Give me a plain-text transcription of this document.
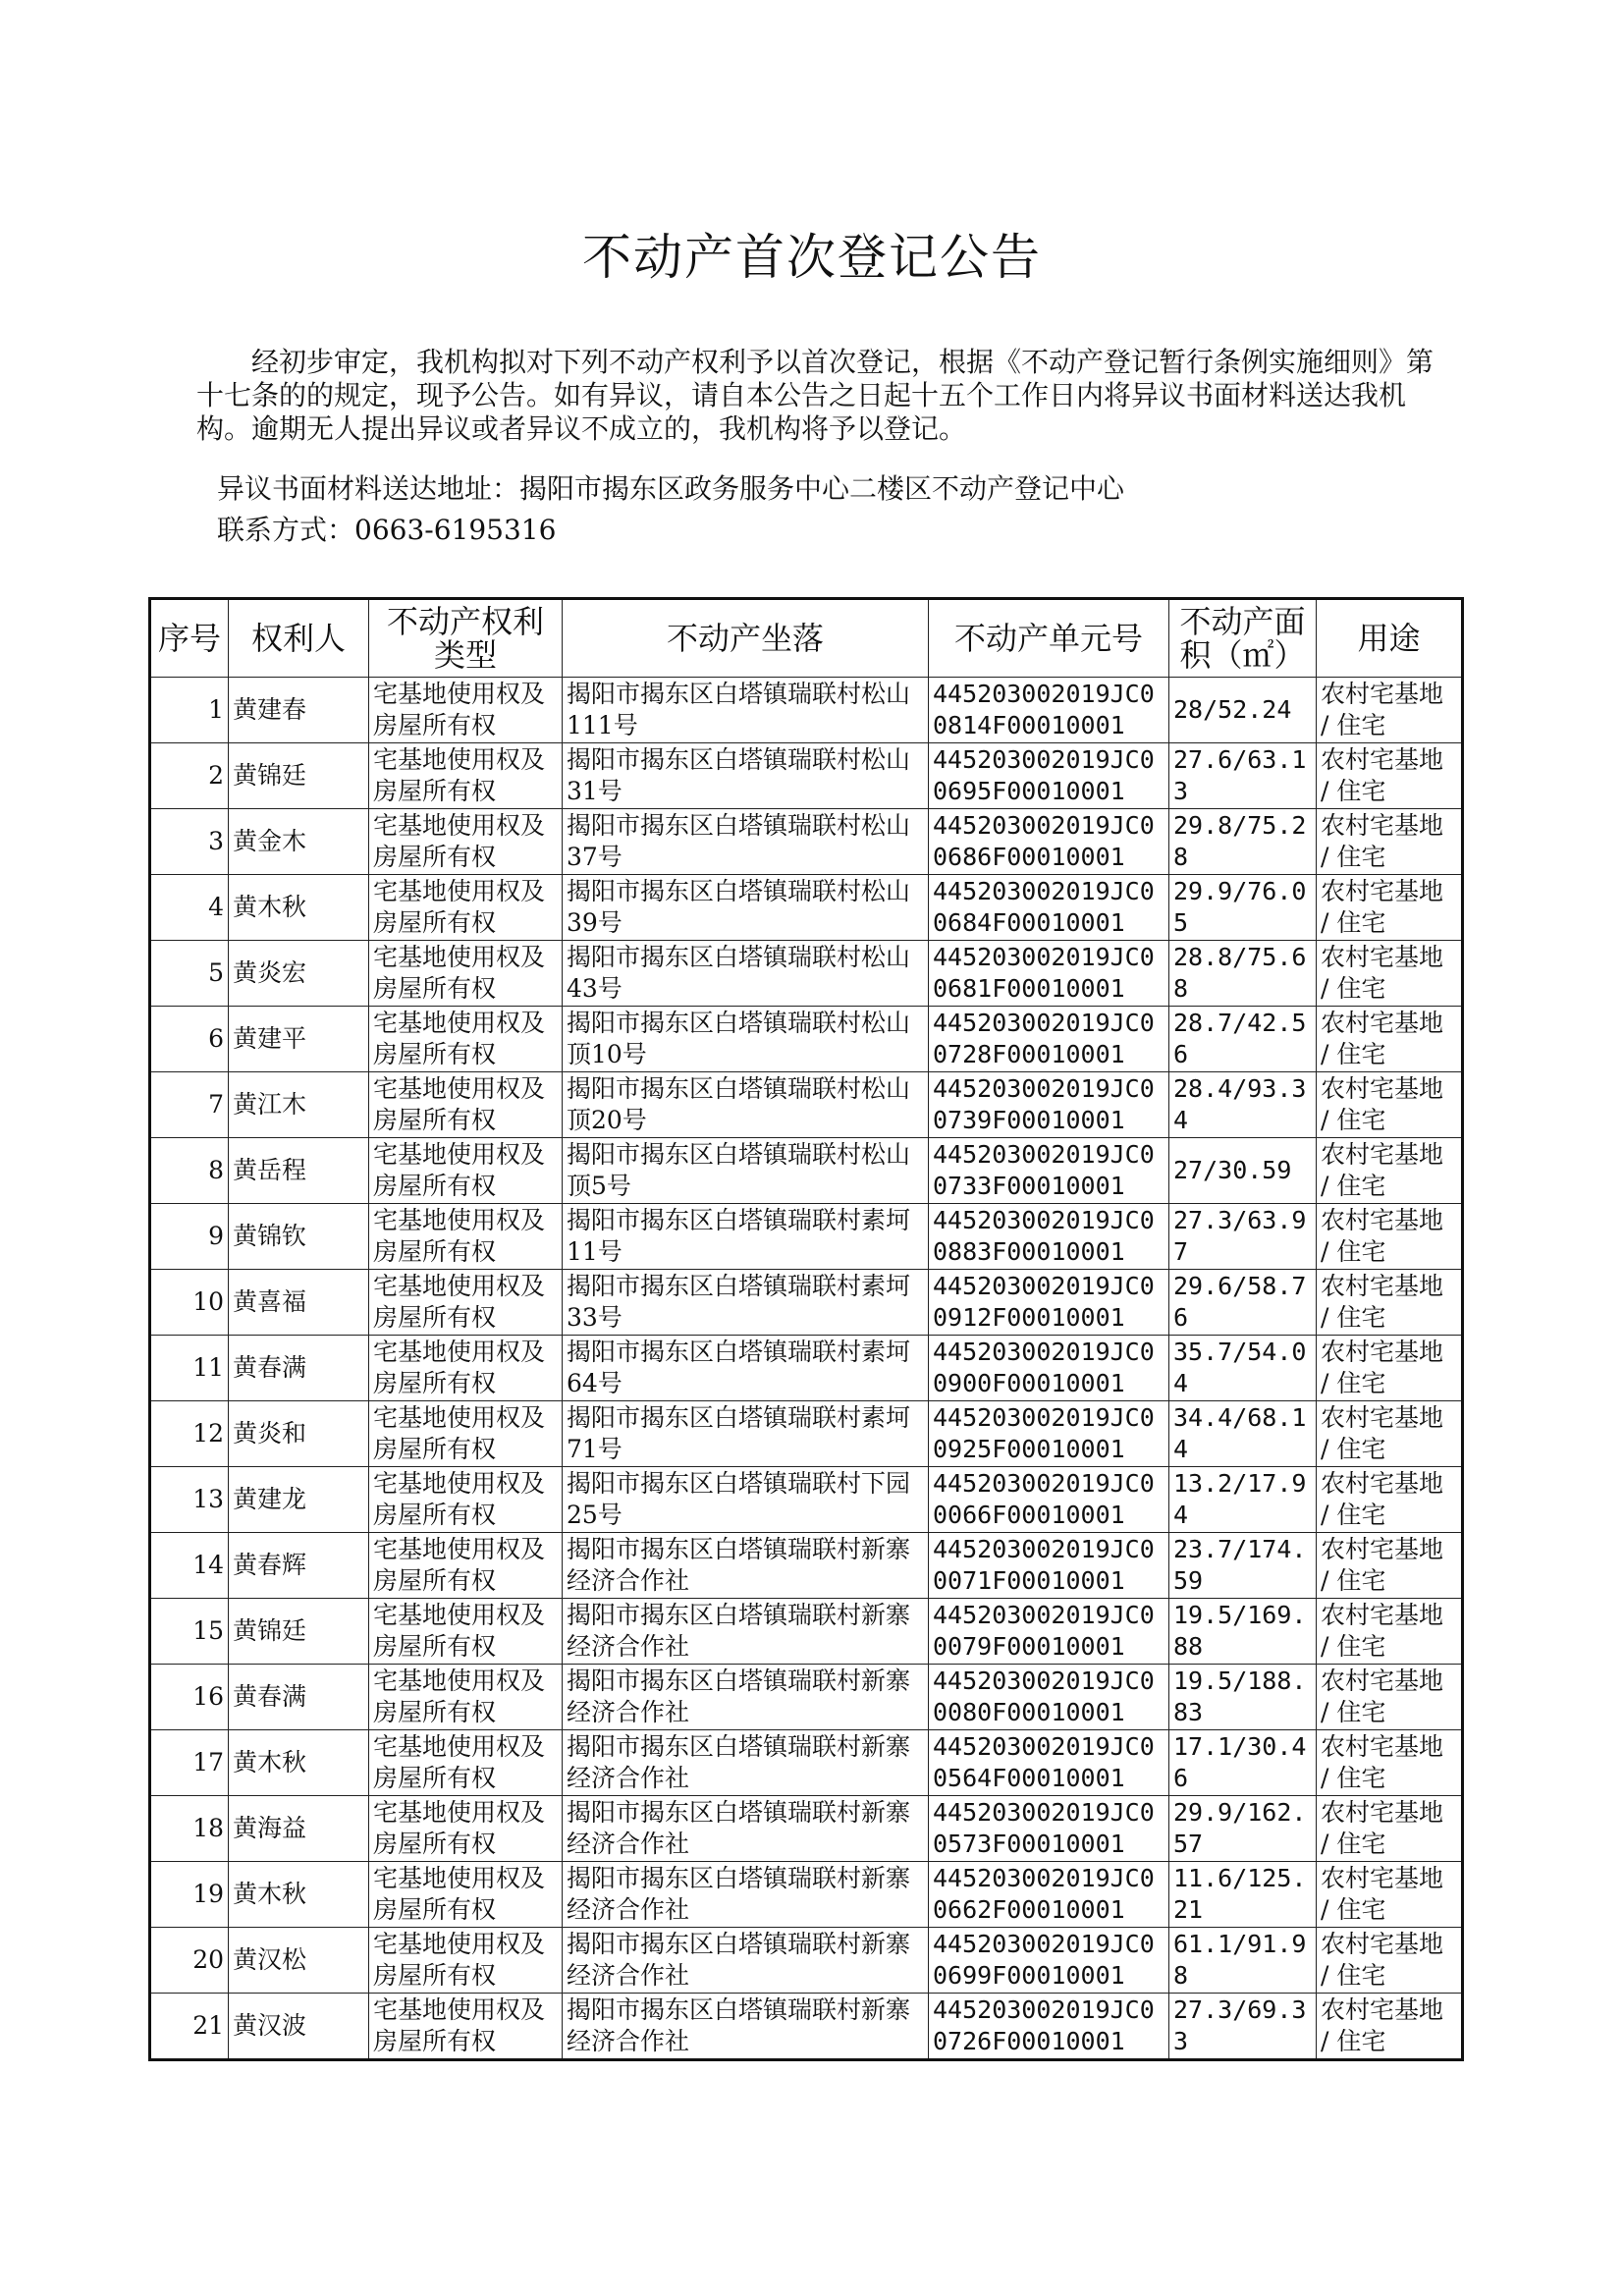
不动产首次登记公告

经初步审定，我机构拟对下列不动产权利予以首次登记，根据《不动产登记暂行条例实施细则》第十七条的的规定，现予公告。如有异议，请自本公告之日起十五个工作日内将异议书面材料送达我机构。逾期无人提出异议或者异议不成立的，我机构将予以登记。

异议书面材料送达地址：揭阳市揭东区政务服务中心二楼区不动产登记中心

联系方式：0663-6195316

序号	权利人	不动产权利类型	不动产坐落	不动产单元号	不动产面积（㎡）	用途
1	黄建春	宅基地使用权及房屋所有权	揭阳市揭东区白塔镇瑞联村松山111号	445203002019JC00814F00010001	28/52.24	农村宅基地 / 住宅
2	黄锦廷	宅基地使用权及房屋所有权	揭阳市揭东区白塔镇瑞联村松山31号	445203002019JC00695F00010001	27.6/63.13	农村宅基地 / 住宅
3	黄金木	宅基地使用权及房屋所有权	揭阳市揭东区白塔镇瑞联村松山37号	445203002019JC00686F00010001	29.8/75.28	农村宅基地 / 住宅
4	黄木秋	宅基地使用权及房屋所有权	揭阳市揭东区白塔镇瑞联村松山39号	445203002019JC00684F00010001	29.9/76.05	农村宅基地 / 住宅
5	黄炎宏	宅基地使用权及房屋所有权	揭阳市揭东区白塔镇瑞联村松山43号	445203002019JC00681F00010001	28.8/75.68	农村宅基地 / 住宅
6	黄建平	宅基地使用权及房屋所有权	揭阳市揭东区白塔镇瑞联村松山顶10号	445203002019JC00728F00010001	28.7/42.56	农村宅基地 / 住宅
7	黄江木	宅基地使用权及房屋所有权	揭阳市揭东区白塔镇瑞联村松山顶20号	445203002019JC00739F00010001	28.4/93.34	农村宅基地 / 住宅
8	黄岳程	宅基地使用权及房屋所有权	揭阳市揭东区白塔镇瑞联村松山顶5号	445203002019JC00733F00010001	27/30.59	农村宅基地 / 住宅
9	黄锦钦	宅基地使用权及房屋所有权	揭阳市揭东区白塔镇瑞联村素坷11号	445203002019JC00883F00010001	27.3/63.97	农村宅基地 / 住宅
10	黄喜福	宅基地使用权及房屋所有权	揭阳市揭东区白塔镇瑞联村素坷33号	445203002019JC00912F00010001	29.6/58.76	农村宅基地 / 住宅
11	黄春满	宅基地使用权及房屋所有权	揭阳市揭东区白塔镇瑞联村素坷64号	445203002019JC00900F00010001	35.7/54.04	农村宅基地 / 住宅
12	黄炎和	宅基地使用权及房屋所有权	揭阳市揭东区白塔镇瑞联村素坷71号	445203002019JC00925F00010001	34.4/68.14	农村宅基地 / 住宅
13	黄建龙	宅基地使用权及房屋所有权	揭阳市揭东区白塔镇瑞联村下园25号	445203002019JC00066F00010001	13.2/17.94	农村宅基地 / 住宅
14	黄春辉	宅基地使用权及房屋所有权	揭阳市揭东区白塔镇瑞联村新寨经济合作社	445203002019JC00071F00010001	23.7/174.59	农村宅基地 / 住宅
15	黄锦廷	宅基地使用权及房屋所有权	揭阳市揭东区白塔镇瑞联村新寨经济合作社	445203002019JC00079F00010001	19.5/169.88	农村宅基地 / 住宅
16	黄春满	宅基地使用权及房屋所有权	揭阳市揭东区白塔镇瑞联村新寨经济合作社	445203002019JC00080F00010001	19.5/188.83	农村宅基地 / 住宅
17	黄木秋	宅基地使用权及房屋所有权	揭阳市揭东区白塔镇瑞联村新寨经济合作社	445203002019JC00564F00010001	17.1/30.46	农村宅基地 / 住宅
18	黄海益	宅基地使用权及房屋所有权	揭阳市揭东区白塔镇瑞联村新寨经济合作社	445203002019JC00573F00010001	29.9/162.57	农村宅基地 / 住宅
19	黄木秋	宅基地使用权及房屋所有权	揭阳市揭东区白塔镇瑞联村新寨经济合作社	445203002019JC00662F00010001	11.6/125.21	农村宅基地 / 住宅
20	黄汉松	宅基地使用权及房屋所有权	揭阳市揭东区白塔镇瑞联村新寨经济合作社	445203002019JC00699F00010001	61.1/91.98	农村宅基地 / 住宅
21	黄汉波	宅基地使用权及房屋所有权	揭阳市揭东区白塔镇瑞联村新寨经济合作社	445203002019JC00726F00010001	27.3/69.33	农村宅基地 / 住宅
